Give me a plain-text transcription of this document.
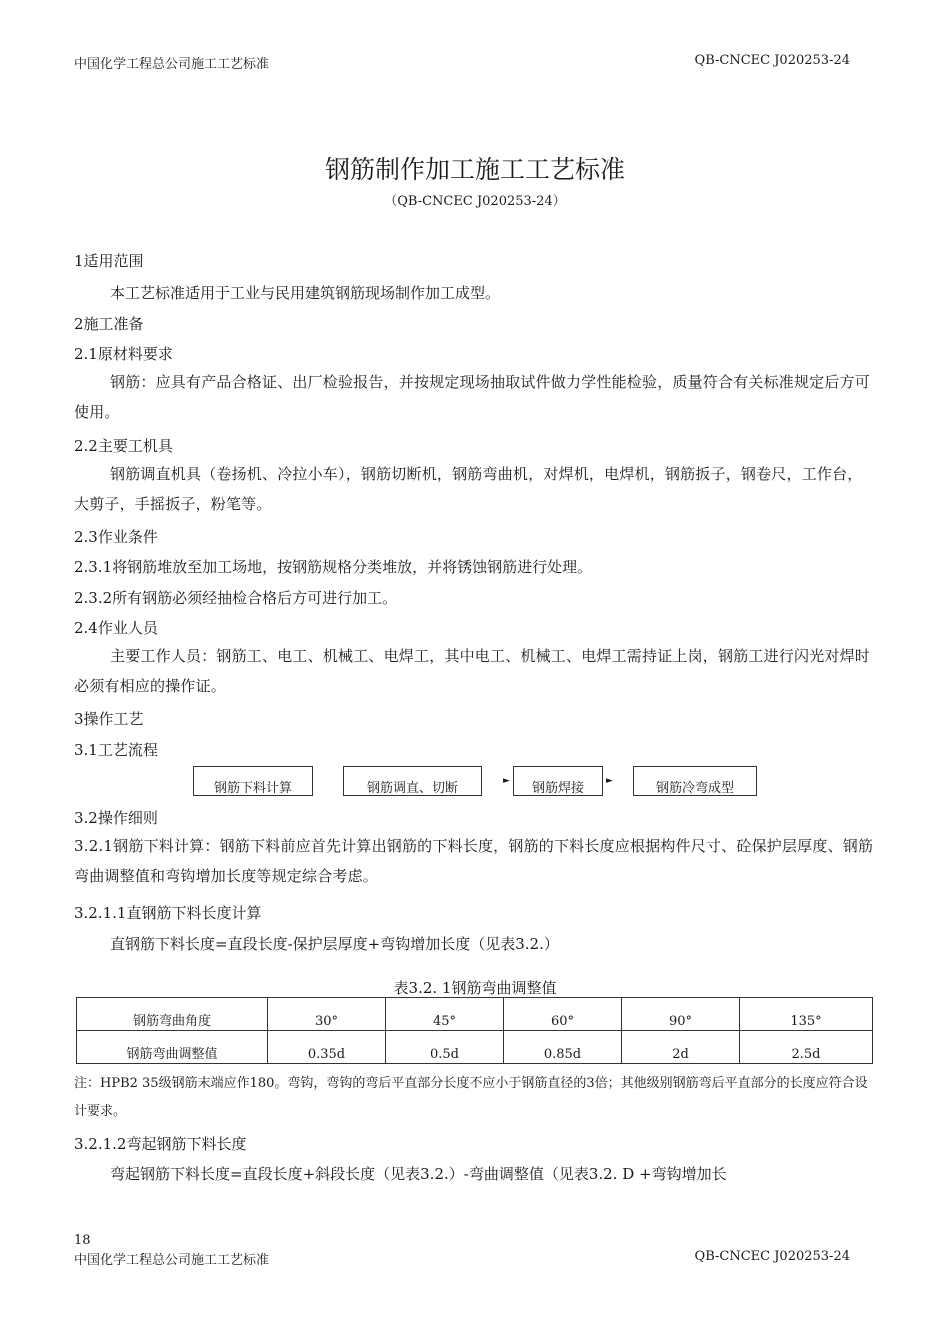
中国化学工程总公司施工工艺标准	QB-CNCEC J020253-24
钢筋制作加工施工工艺标准
（QB-CNCEC J020253-24）
1适用范围
本工艺标准适用于工业与民用建筑钢筋现场制作加工成型。
2施工准备
2.1原材料要求
钢筋：应具有产品合格证、出厂检验报告，并按规定现场抽取试件做力学性能检验，质量符合有关标准规定后方可使用。
2.2主要工机具
钢筋调直机具（卷扬机、冷拉小车），钢筋切断机，钢筋弯曲机，对焊机，电焊机，钢筋扳子，钢卷尺，工作台，大剪子，手摇扳子，粉笔等。
2.3作业条件
2.3.1将钢筋堆放至加工场地，按钢筋规格分类堆放，并将锈蚀钢筋进行处理。
2.3.2所有钢筋必须经抽检合格后方可进行加工。
2.4作业人员
主要工作人员：钢筋工、电工、机械工、电焊工，其中电工、机械工、电焊工需持证上岗，钢筋工进行闪光对焊时必须有相应的操作证。
3操作工艺
3.1工艺流程
钢筋下料计算	钢筋调直、切断	►	钢筋焊接	►	钢筋冷弯成型
3.2操作细则
3.2.1钢筋下料计算：钢筋下料前应首先计算出钢筋的下料长度，钢筋的下料长度应根据构件尺寸、砼保护层厚度、钢筋弯曲调整值和弯钩增加长度等规定综合考虑。
3.2.1.1直钢筋下料长度计算
直钢筋下料长度=直段长度-保护层厚度+弯钩增加长度（见表3.2.）
表3.2. 1钢筋弯曲调整值
钢筋弯曲角度	30°	45°	60°	90°	135°
钢筋弯曲调整值	0.35d	0.5d	0.85d	2d	2.5d
注：HPB2 35级钢筋末端应作180。弯钩，弯钩的弯后平直部分长度不应小于钢筋直径的3倍；其他级别钢筋弯后平直部分的长度应符合设计要求。
3.2.1.2弯起钢筋下料长度
弯起钢筋下料长度=直段长度+斜段长度（见表3.2.）-弯曲调整值（见表3.2. D +弯钩增加长
18
中国化学工程总公司施工工艺标准	QB-CNCEC J020253-24
